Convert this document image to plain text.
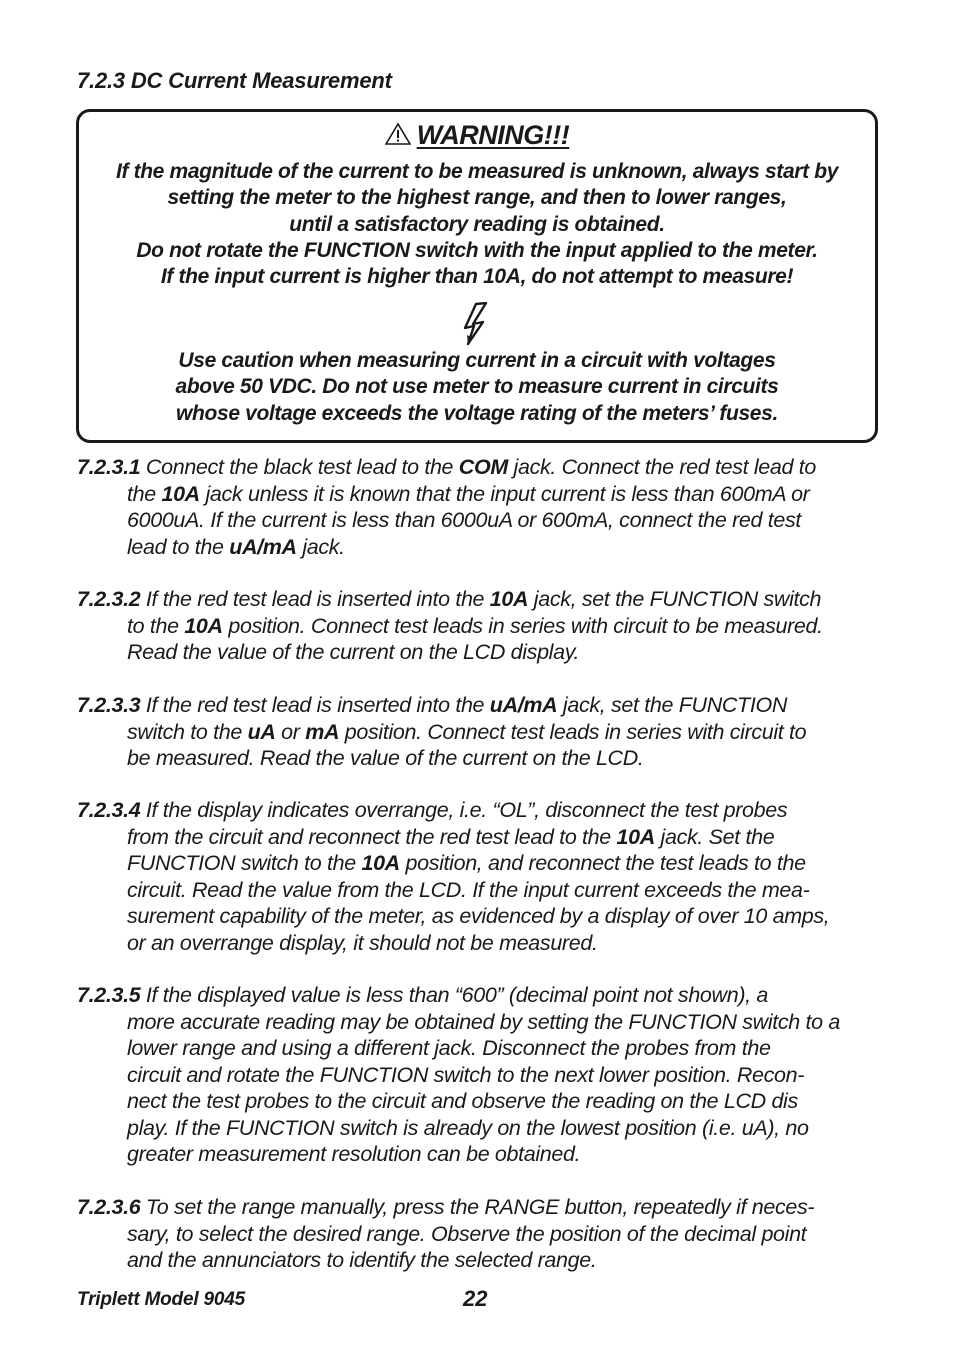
7.2.3 DC Current Measurement
WARNING!!!
If the magnitude of the current to be measured is unknown, always start by
setting the meter to the highest range, and then to lower ranges,
until a satisfactory reading is obtained.
Do not rotate the FUNCTION switch with the input applied to the meter.
If the input current is higher than 10A, do not attempt to measure!
Use caution when measuring current in a circuit with voltages
above 50 VDC. Do not use meter to measure current in circuits
whose voltage exceeds the voltage rating of the meters’ fuses.
7.2.3.1 Connect the black test lead to the COM jack. Connect the red test lead to
the 10A jack unless it is known that the input current is less than 600mA or
6000uA. If the current is less than 6000uA or 600mA, connect the red test
lead to the uA/mA jack.
7.2.3.2 If the red test lead is inserted into the 10A jack, set the FUNCTION switch
to the 10A position. Connect test leads in series with circuit to be measured.
Read the value of the current on the LCD display.
7.2.3.3 If the red test lead is inserted into the uA/mA jack, set the FUNCTION
switch to the uA or mA position. Connect test leads in series with circuit to
be measured. Read the value of the current on the LCD.
7.2.3.4 If the display indicates overrange, i.e. “OL”, disconnect the test probes
from the circuit and reconnect the red test lead to the 10A jack. Set the
FUNCTION switch to the 10A position, and reconnect the test leads to the
circuit. Read the value from the LCD. If the input current exceeds the mea-
surement capability of the meter, as evidenced by a display of over 10 amps,
or an overrange display, it should not be measured.
7.2.3.5 If the displayed value is less than “600” (decimal point not shown), a
more accurate reading may be obtained by setting the FUNCTION switch to a
lower range and using a different jack. Disconnect the probes from the
circuit and rotate the FUNCTION switch to the next lower position. Recon-
nect the test probes to the circuit and observe the reading on the LCD dis
play. If the FUNCTION switch is already on the lowest position (i.e. uA), no
greater measurement resolution can be obtained.
7.2.3.6 To set the range manually, press the RANGE button, repeatedly if neces-
sary, to select the desired range. Observe the position of the decimal point
and the annunciators to identify the selected range.
Triplett Model 9045	22
